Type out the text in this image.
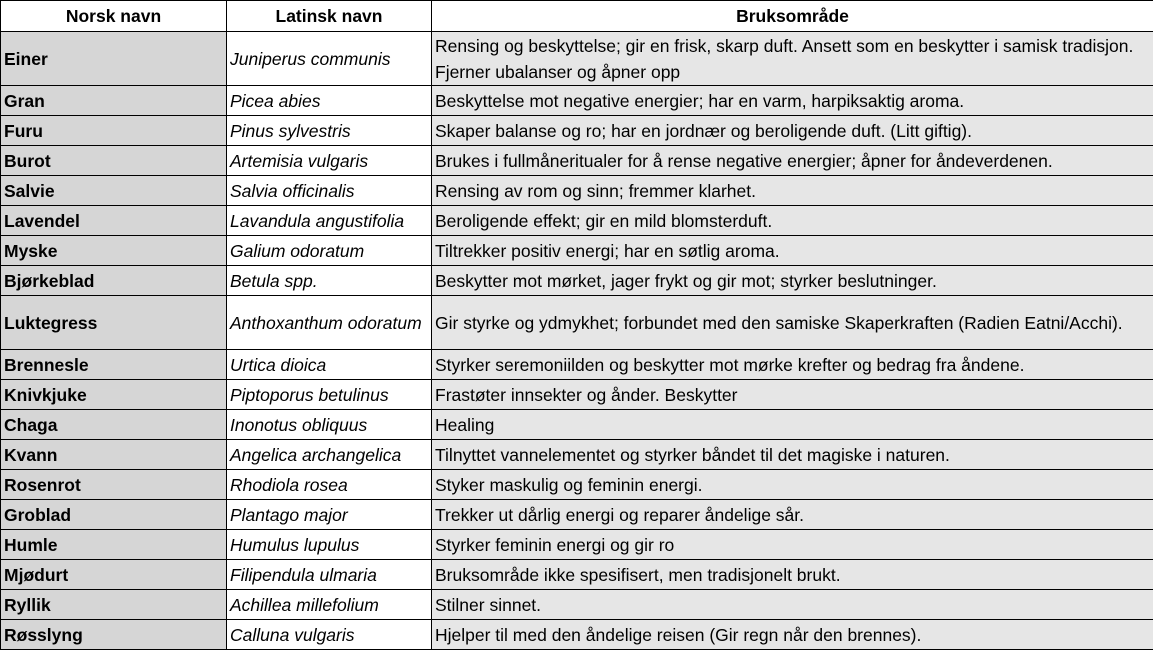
Norsk navn	Latinsk navn	Bruksområde
Einer	Juniperus communis	Rensing og beskyttelse; gir en frisk, skarp duft. Ansett som en beskytter i samisk tradisjon. Fjerner ubalanser og åpner opp
Gran	Picea abies	Beskyttelse mot negative energier; har en varm, harpiksaktig aroma.
Furu	Pinus sylvestris	Skaper balanse og ro; har en jordnær og beroligende duft. (Litt giftig).
Burot	Artemisia vulgaris	Brukes i fullmåneritualer for å rense negative energier; åpner for åndeverdenen.
Salvie	Salvia officinalis	Rensing av rom og sinn; fremmer klarhet.
Lavendel	Lavandula angustifolia	Beroligende effekt; gir en mild blomsterduft.
Myske	Galium odoratum	Tiltrekker positiv energi; har en søtlig aroma.
Bjørkeblad	Betula spp.	Beskytter mot mørket, jager frykt og gir mot; styrker beslutninger.
Luktegress	Anthoxanthum odoratum	Gir styrke og ydmykhet; forbundet med den samiske Skaperkraften (Radien Eatni/Acchi).
Brennesle	Urtica dioica	Styrker seremoniilden og beskytter mot mørke krefter og bedrag fra åndene.
Knivkjuke	Piptoporus betulinus	Frastøter innsekter og ånder. Beskytter
Chaga	Inonotus obliquus	Healing
Kvann	Angelica archangelica	Tilnyttet vannelementet og styrker båndet til det magiske i naturen.
Rosenrot	Rhodiola rosea	Styker maskulig og feminin energi.
Groblad	Plantago major	Trekker ut dårlig energi og reparer åndelige sår.
Humle	Humulus lupulus	Styrker feminin energi og gir ro
Mjødurt	Filipendula ulmaria	Bruksområde ikke spesifisert, men tradisjonelt brukt.
Ryllik	Achillea millefolium	Stilner sinnet.
Røsslyng	Calluna vulgaris	Hjelper til med den åndelige reisen (Gir regn når den brennes).
